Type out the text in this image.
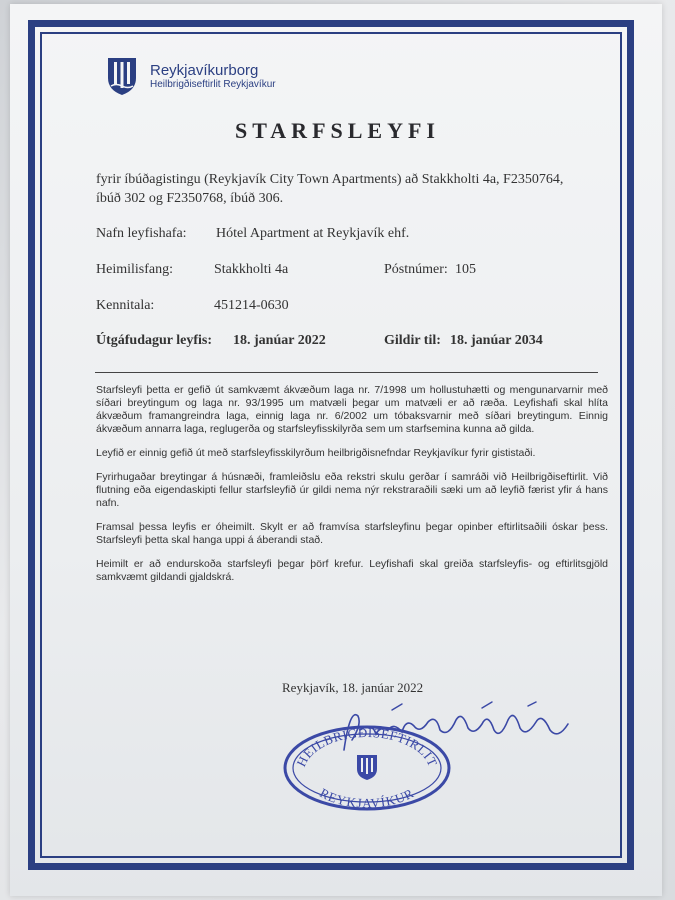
Reykjavíkurborg
Heilbrigðiseftirlit Reykjavíkur
STARFSLEYFI
fyrir íbúðagistingu (Reykjavík City Town Apartments) að Stakkholti 4a, F2350764, íbúð 302 og F2350768, íbúð 306.
Nafn leyfishafa: Hótel Apartment at Reykjavík ehf.
Heimilisfang:	Stakkholti 4a	Póstnúmer: 105
Kennitala:	451214-0630
Útgáfudagur leyfis: 18. janúar 2022	Gildir til: 18. janúar 2034

Starfsleyfi þetta er gefið út samkvæmt ákvæðum laga nr. 7/1998 um hollustuhætti og mengunarvarnir með síðari breytingum og laga nr. 93/1995 um matvæli þegar um matvæli er að ræða. Leyfishafi skal hlíta ákvæðum framangreindra laga, einnig laga nr. 6/2002 um tóbaksvarnir með síðari breytingum. Einnig ákvæðum annarra laga, reglugerða og starfsleyfisskilyrða sem um starfsemina kunna að gilda.

Leyfið er einnig gefið út með starfsleyfisskilyrðum heilbrigðisnefndar Reykjavíkur fyrir gististaði.

Fyrirhugaðar breytingar á húsnæði, framleiðslu eða rekstri skulu gerðar í samráði við Heilbrigðiseftirlit. Við flutning eða eigendaskipti fellur starfsleyfið úr gildi nema nýr rekstraraðili sæki um að leyfið færist yfir á hans nafn.

Framsal þessa leyfis er óheimilt. Skylt er að framvísa starfsleyfinu þegar opinber eftirlitsaðili óskar þess. Starfsleyfi þetta skal hanga uppi á áberandi stað.

Heimilt er að endurskoða starfsleyfi þegar þörf krefur. Leyfishafi skal greiða starfsleyfis- og eftirlitsgjöld samkvæmt gildandi gjaldskrá.

Reykjavík, 18. janúar 2022
HEILBRIGÐISEFTIRLIT
REYKJAVÍKUR
